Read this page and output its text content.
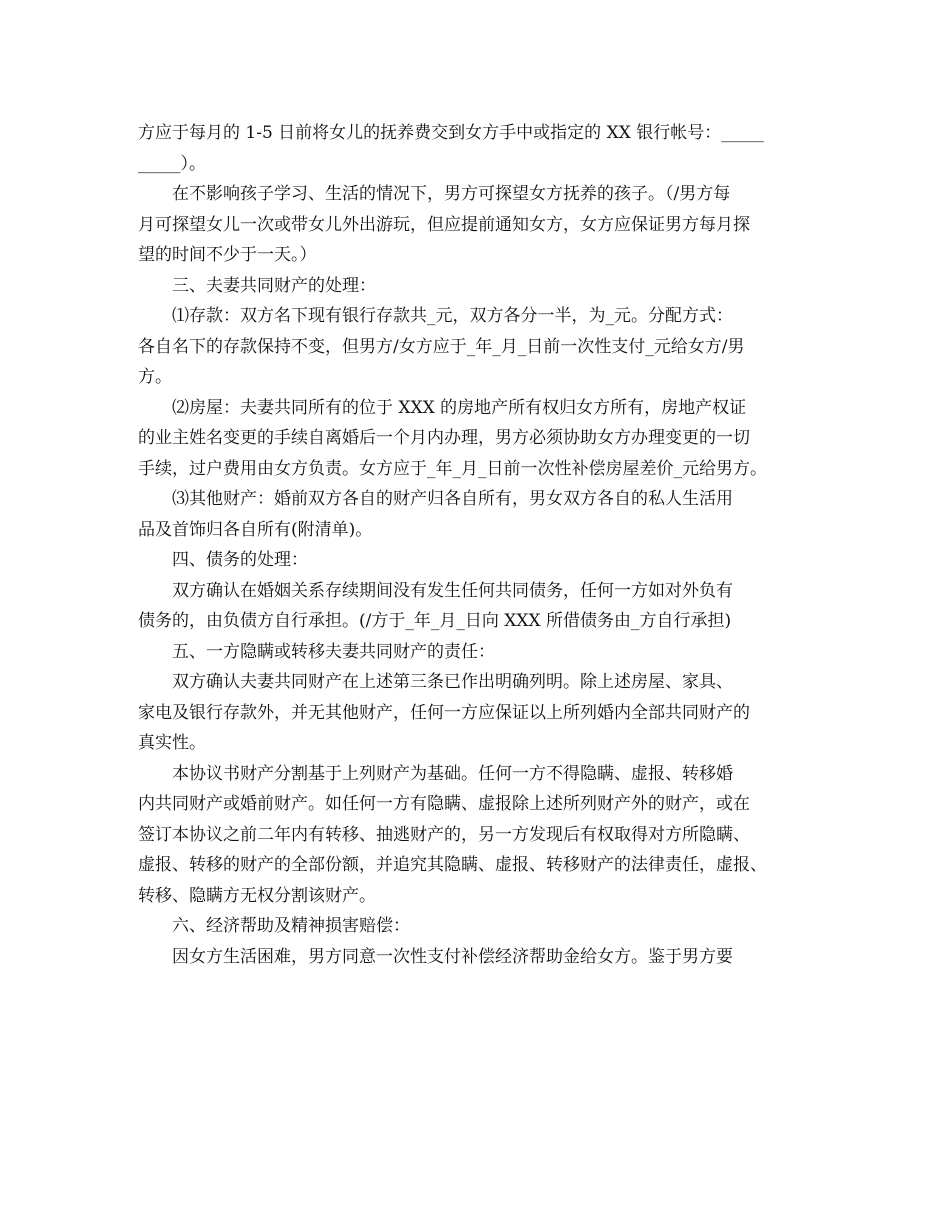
方应于每月的 1-5 日前将女儿的抚养费交到女方手中或指定的 XX 银行帐号：_____
_____）。

在不影响孩子学习、生活的情况下，男方可探望女方抚养的孩子。（/男方每
月可探望女儿一次或带女儿外出游玩，但应提前通知女方，女方应保证男方每月探
望的时间不少于一天。）

三、夫妻共同财产的处理：

⑴存款：双方名下现有银行存款共_元，双方各分一半，为_元。分配方式：
各自名下的存款保持不变，但男方/女方应于_年_月_日前一次性支付_元给女方/男
方。

⑵房屋：夫妻共同所有的位于 XXX 的房地产所有权归女方所有，房地产权证
的业主姓名变更的手续自离婚后一个月内办理，男方必须协助女方办理变更的一切
手续，过户费用由女方负责。女方应于_年_月_日前一次性补偿房屋差价_元给男方。

⑶其他财产：婚前双方各自的财产归各自所有，男女双方各自的私人生活用
品及首饰归各自所有(附清单)。

四、债务的处理：

双方确认在婚姻关系存续期间没有发生任何共同债务，任何一方如对外负有
债务的，由负债方自行承担。(/方于_年_月_日向 XXX 所借债务由_方自行承担)

五、一方隐瞒或转移夫妻共同财产的责任：

双方确认夫妻共同财产在上述第三条已作出明确列明。除上述房屋、家具、
家电及银行存款外，并无其他财产，任何一方应保证以上所列婚内全部共同财产的
真实性。

本协议书财产分割基于上列财产为基础。任何一方不得隐瞒、虚报、转移婚
内共同财产或婚前财产。如任何一方有隐瞒、虚报除上述所列财产外的财产，或在
签订本协议之前二年内有转移、抽逃财产的，另一方发现后有权取得对方所隐瞒、
虚报、转移的财产的全部份额，并追究其隐瞒、虚报、转移财产的法律责任，虚报、
转移、隐瞒方无权分割该财产。

六、经济帮助及精神损害赔偿：

因女方生活困难，男方同意一次性支付补偿经济帮助金给女方。鉴于男方要
